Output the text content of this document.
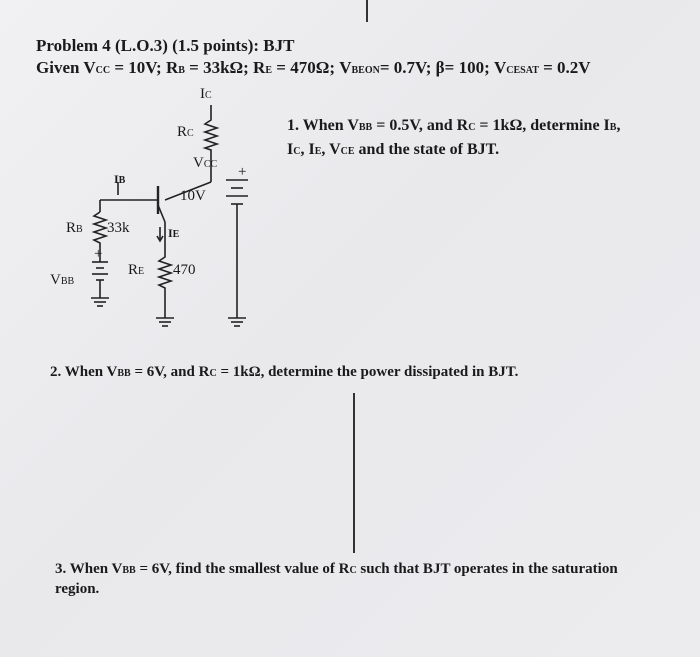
Problem 4 (L.O.3) (1.5 points): BJT
Given VCC = 10V; RB = 33kΩ; RE = 470Ω; VBEON= 0.7V; β= 100; VCESAT = 0.2V
1. When VBB = 0.5V, and RC = 1kΩ, determine IB,
IC, IE, VCE and the state of BJT.
2. When VBB = 6V, and RC = 1kΩ, determine the power dissipated in BJT.
3. When VBB = 6V, find the smallest value of RC such that BJT operates in the saturation
region.
IC
RC
VCC +
10V
IB
RB 33k	IE
RE 470
VBB
+
